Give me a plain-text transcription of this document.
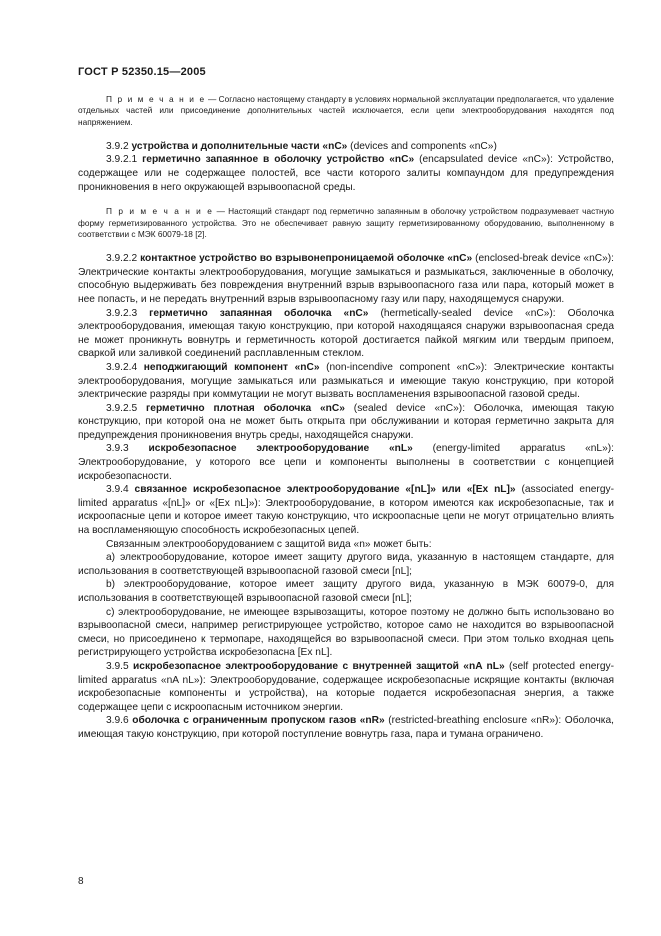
ГОСТ Р 52350.15—2005

П р и м е ч а н и е — Согласно настоящему стандарту в условиях нормальной эксплуатации предполагается, что удаление отдельных частей или присоединение дополнительных частей исключается, если цепи электрооборудования находятся под напряжением.

3.9.2 устройства и дополнительные части «nC» (devices and components «nC»)

3.9.2.1 герметично запаянное в оболочку устройство «nC» (encapsulated device «nC»): Устройство, содержащее или не содержащее полостей, все части которого залиты компаундом для предупреждения проникновения в него окружающей взрывоопасной среды.

П р и м е ч а н и е — Настоящий стандарт под герметично запаянным в оболочку устройством подразумевает частную форму герметизированного устройства. Это не обеспечивает равную защиту герметизированному оборудованию, выполненному в соответствии с МЭК 60079-18 [2].

3.9.2.2 контактное устройство во взрывонепроницаемой оболочке «nC» (enclosed-break device «nC»): Электрические контакты электрооборудования, могущие замыкаться и размыкаться, заключенные в оболочку, способную выдерживать без повреждения внутренний взрыв взрывоопасного газа или пара, который может в нее попасть, и не передать внутренний взрыв взрывоопасному газу или пару, находящемуся снаружи.

3.9.2.3 герметично запаянная оболочка «nC» (hermetically-sealed device «nC»): Оболочка электрооборудования, имеющая такую конструкцию, при которой находящаяся снаружи взрывоопасная среда не может проникнуть вовнутрь и герметичность которой достигается пайкой мягким или твердым припоем, сваркой или заливкой соединений расплавленным стеклом.

3.9.2.4 неподжигающий компонент «nC» (non-incendive component «nC»): Электрические контакты электрооборудования, могущие замыкаться или размыкаться и имеющие такую конструкцию, при которой электрические разряды при коммутации не могут вызвать воспламенения взрывоопасной газовой среды.

3.9.2.5 герметично плотная оболочка «nC» (sealed device «nC»): Оболочка, имеющая такую конструкцию, при которой она не может быть открыта при обслуживании и которая герметично закрыта для предупреждения проникновения внутрь среды, находящейся снаружи.

3.9.3 искробезопасное электрооборудование «nL» (energy-limited apparatus «nL»): Электрооборудование, у которого все цепи и компоненты выполнены в соответствии с концепцией искробезопасности.

3.9.4 связанное искробезопасное электрооборудование «[nL]» или «[Ex nL]» (associated energy-limited apparatus «[nL]» or «[Ex nL]»): Электрооборудование, в котором имеются как искробезопасные, так и искроопасные цепи и которое имеет такую конструкцию, что искроопасные цепи не могут отрицательно влиять на воспламеняющую способность искробезопасных цепей.

Связанным электрооборудованием с защитой вида «n» может быть:

а) электрооборудование, которое имеет защиту другого вида, указанную в настоящем стандарте, для использования в соответствующей взрывоопасной газовой смеси [nL];

b) электрооборудование, которое имеет защиту другого вида, указанную в МЭК 60079-0, для использования в соответствующей взрывоопасной газовой смеси [nL];

c) электрооборудование, не имеющее взрывозащиты, которое поэтому не должно быть использовано во взрывоопасной смеси, например регистрирующее устройство, которое само не находится во взрывоопасной смеси, но присоединено к термопаре, находящейся во взрывоопасной смеси. При этом только входная цепь регистрирующего устройства искробезопасна [Ex nL].

3.9.5 искробезопасное электрооборудование с внутренней защитой «nA nL» (self protected energy-limited apparatus «nA nL»): Электрооборудование, содержащее искробезопасные искрящие контакты (включая искробезопасные компоненты и устройства), на которые подается искробезопасная энергия, а также содержащее цепи с искроопасным источником энергии.

3.9.6 оболочка с ограниченным пропуском газов «nR» (restricted-breathing enclosure «nR»): Оболочка, имеющая такую конструкцию, при которой поступление вовнутрь газа, пара и тумана ограничено.

8
